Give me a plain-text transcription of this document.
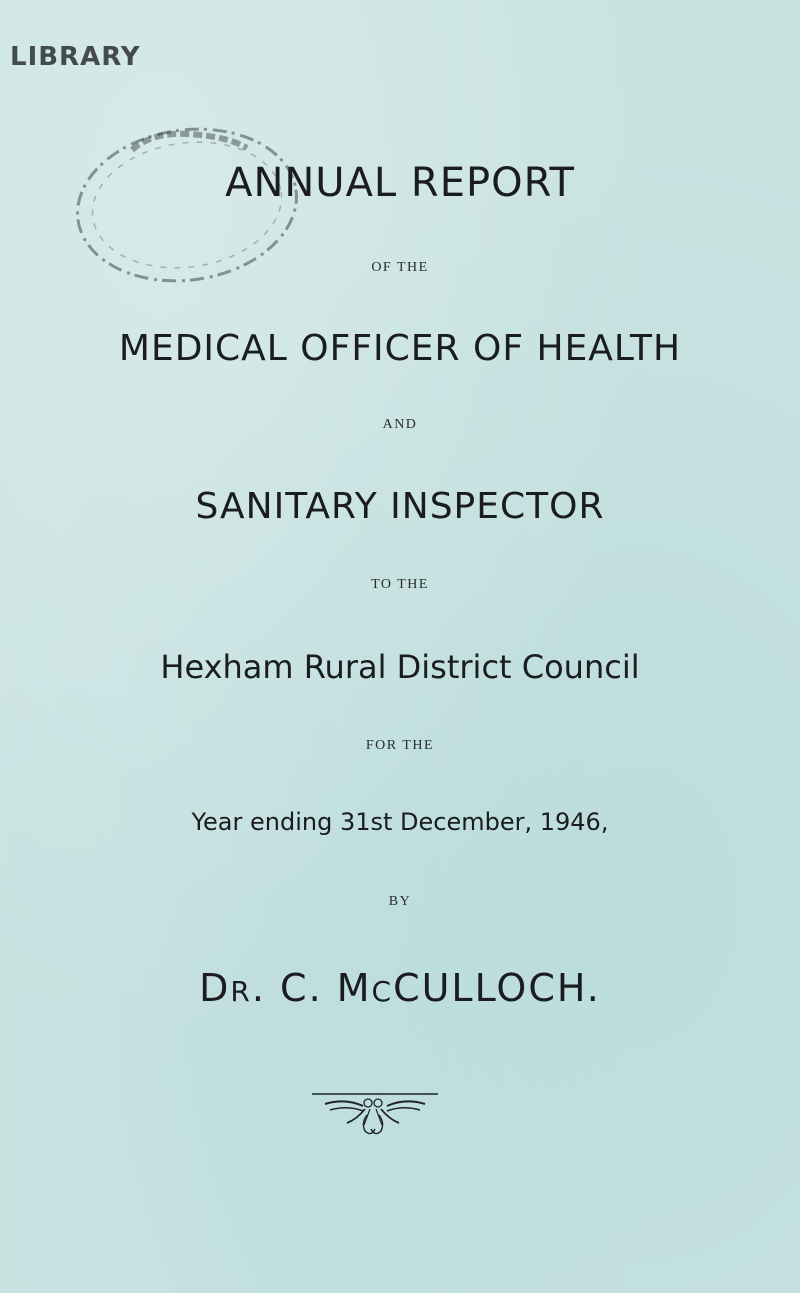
LIBRARY
ANNUAL REPORT
OF THE
MEDICAL OFFICER OF HEALTH
AND
SANITARY INSPECTOR
TO THE
Hexham Rural District Council
FOR THE
Year ending 31st December, 1946,
BY
DR. C. MCCULLOCH.
